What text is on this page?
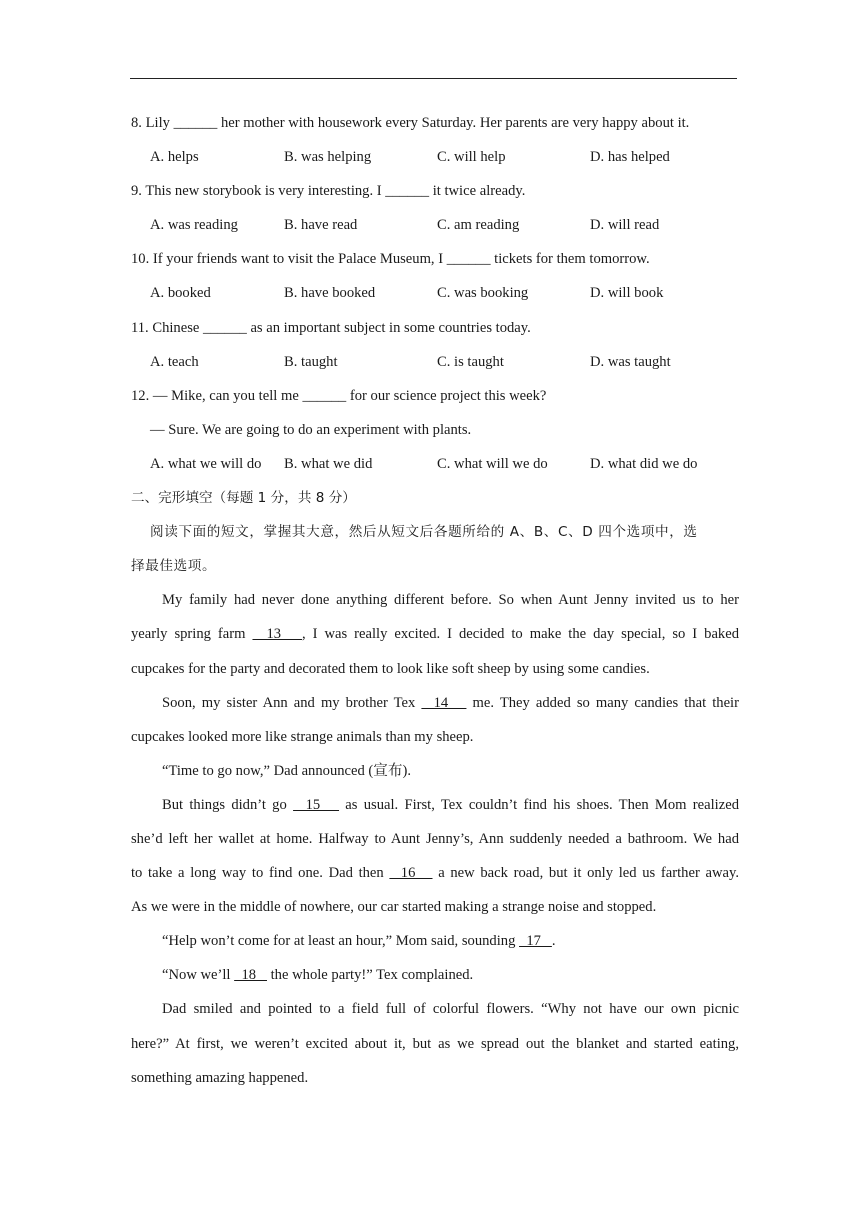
8. Lily ______ her mother with housework every Saturday. Her parents are very happy about it.
A. helps	B. was helping	C. will help	D. has helped
9. This new storybook is very interesting. I ______ it twice already.
A. was reading	B. have read	C. am reading	D. will read
10. If your friends want to visit the Palace Museum, I ______ tickets for them tomorrow.
A. booked	B. have booked	C. was booking	D. will book
11. Chinese ______ as an important subject in some countries today.
A. teach	B. taught	C. is taught	D. was taught
12. — Mike, can you tell me ______ for our science project this week?
— Sure. We are going to do an experiment with plants.
A. what we will do B. what we did	C. what will we do	D. what did we do
二、完形填空（每题 1 分，共 8 分）
阅读下面的短文，掌握其大意，然后从短文后各题所给的 A、B、C、D 四个选项中，选
择最佳选项。
My family had never done anything different before. So when Aunt Jenny invited us to her
yearly spring farm   13   , I was really excited. I decided to make the day special, so I baked
cupcakes for the party and decorated them to look like soft sheep by using some candies.
Soon, my sister Ann and my brother Tex   14    me. They added so many candies that their
cupcakes looked more like strange animals than my sheep.
“Time to go now,” Dad announced (宣布).
But things didn’t go   15    as usual. First, Tex couldn’t find his shoes. Then Mom realized
she’d left her wallet at home. Halfway to Aunt Jenny’s, Ann suddenly needed a bathroom. We had
to take a long way to find one. Dad then   16    a new back road, but it only led us farther away.
As we were in the middle of nowhere, our car started making a strange noise and stopped.
“Help won’t come for at least an hour,” Mom said, sounding   17   .
“Now we’ll   18    the whole party!” Tex complained.
Dad smiled and pointed to a field full of colorful flowers. “Why not have our own picnic
here?” At first, we weren’t excited about it, but as we spread out the blanket and started eating,
something amazing happened.
